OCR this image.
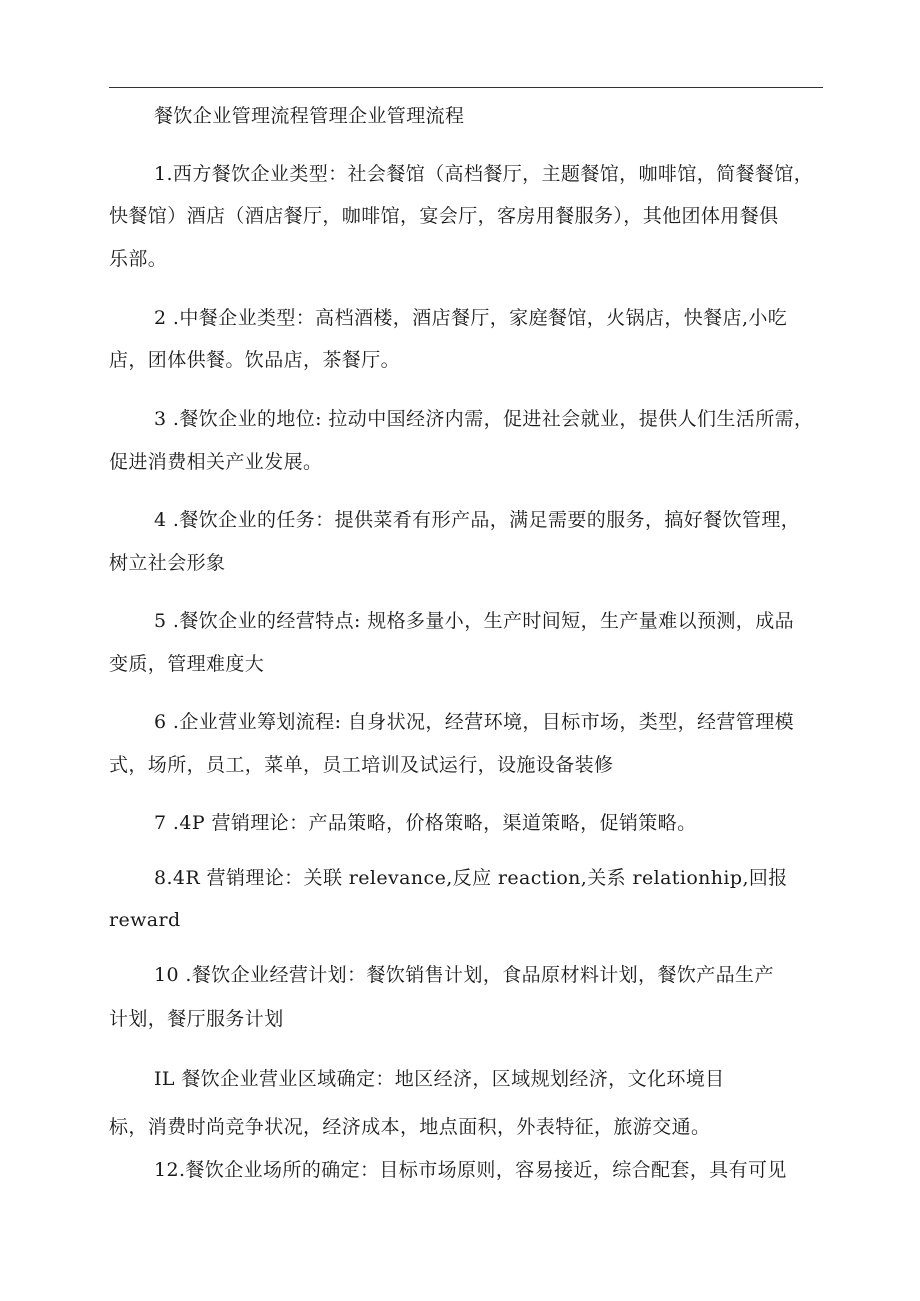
餐饮企业管理流程管理企业管理流程
1.西方餐饮企业类型：社会餐馆（高档餐厅，主题餐馆，咖啡馆，简餐餐馆，
快餐馆）酒店（酒店餐厅，咖啡馆，宴会厅，客房用餐服务），其他团体用餐俱
乐部。
2 .中餐企业类型：高档酒楼，酒店餐厅，家庭餐馆，火锅店，快餐店,小吃
店，团体供餐。饮品店，茶餐厅。
3 .餐饮企业的地位: 拉动中国经济内需，促进社会就业，提供人们生活所需，
促进消费相关产业发展。
4 .餐饮企业的任务：提供菜肴有形产品，满足需要的服务，搞好餐饮管理，
树立社会形象
5 .餐饮企业的经营特点: 规格多量小，生产时间短，生产量难以预测，成品
变质，管理难度大
6 .企业营业筹划流程: 自身状况，经营环境，目标市场，类型，经营管理模
式，场所，员工，菜单，员工培训及试运行，设施设备装修
7 .4P 营销理论：产品策略，价格策略，渠道策略，促销策略。
8.4R 营销理论：关联 relevance,反应 reaction,关系 relationhip,回报
reward
10 .餐饮企业经营计划：餐饮销售计划，食品原材料计划，餐饮产品生产
计划，餐厅服务计划
IL 餐饮企业营业区域确定：地区经济，区域规划经济，文化环境目
标，消费时尚竞争状况，经济成本，地点面积，外表特征，旅游交通。
12.餐饮企业场所的确定：目标市场原则，容易接近，综合配套，具有可见
